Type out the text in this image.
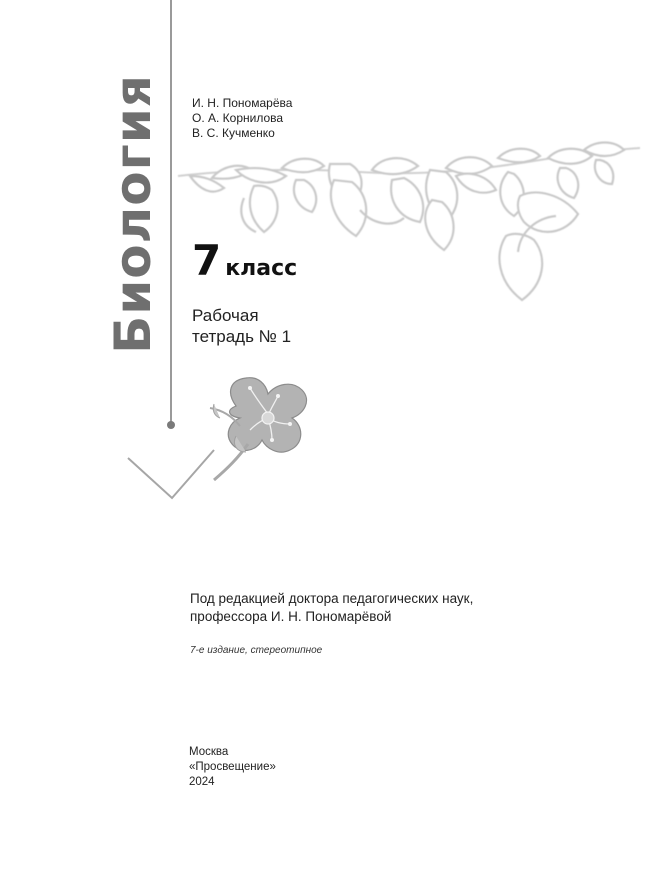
Биология	И. Н. Пономарёва
О. А. Корнилова
В. С. Кучменко
7 класс
Рабочая
тетрадь № 1
Под редакцией доктора педагогических наук,
профессора И. Н. Пономарёвой
7-е издание, стереотипное
Москва
«Просвещение»
2024
